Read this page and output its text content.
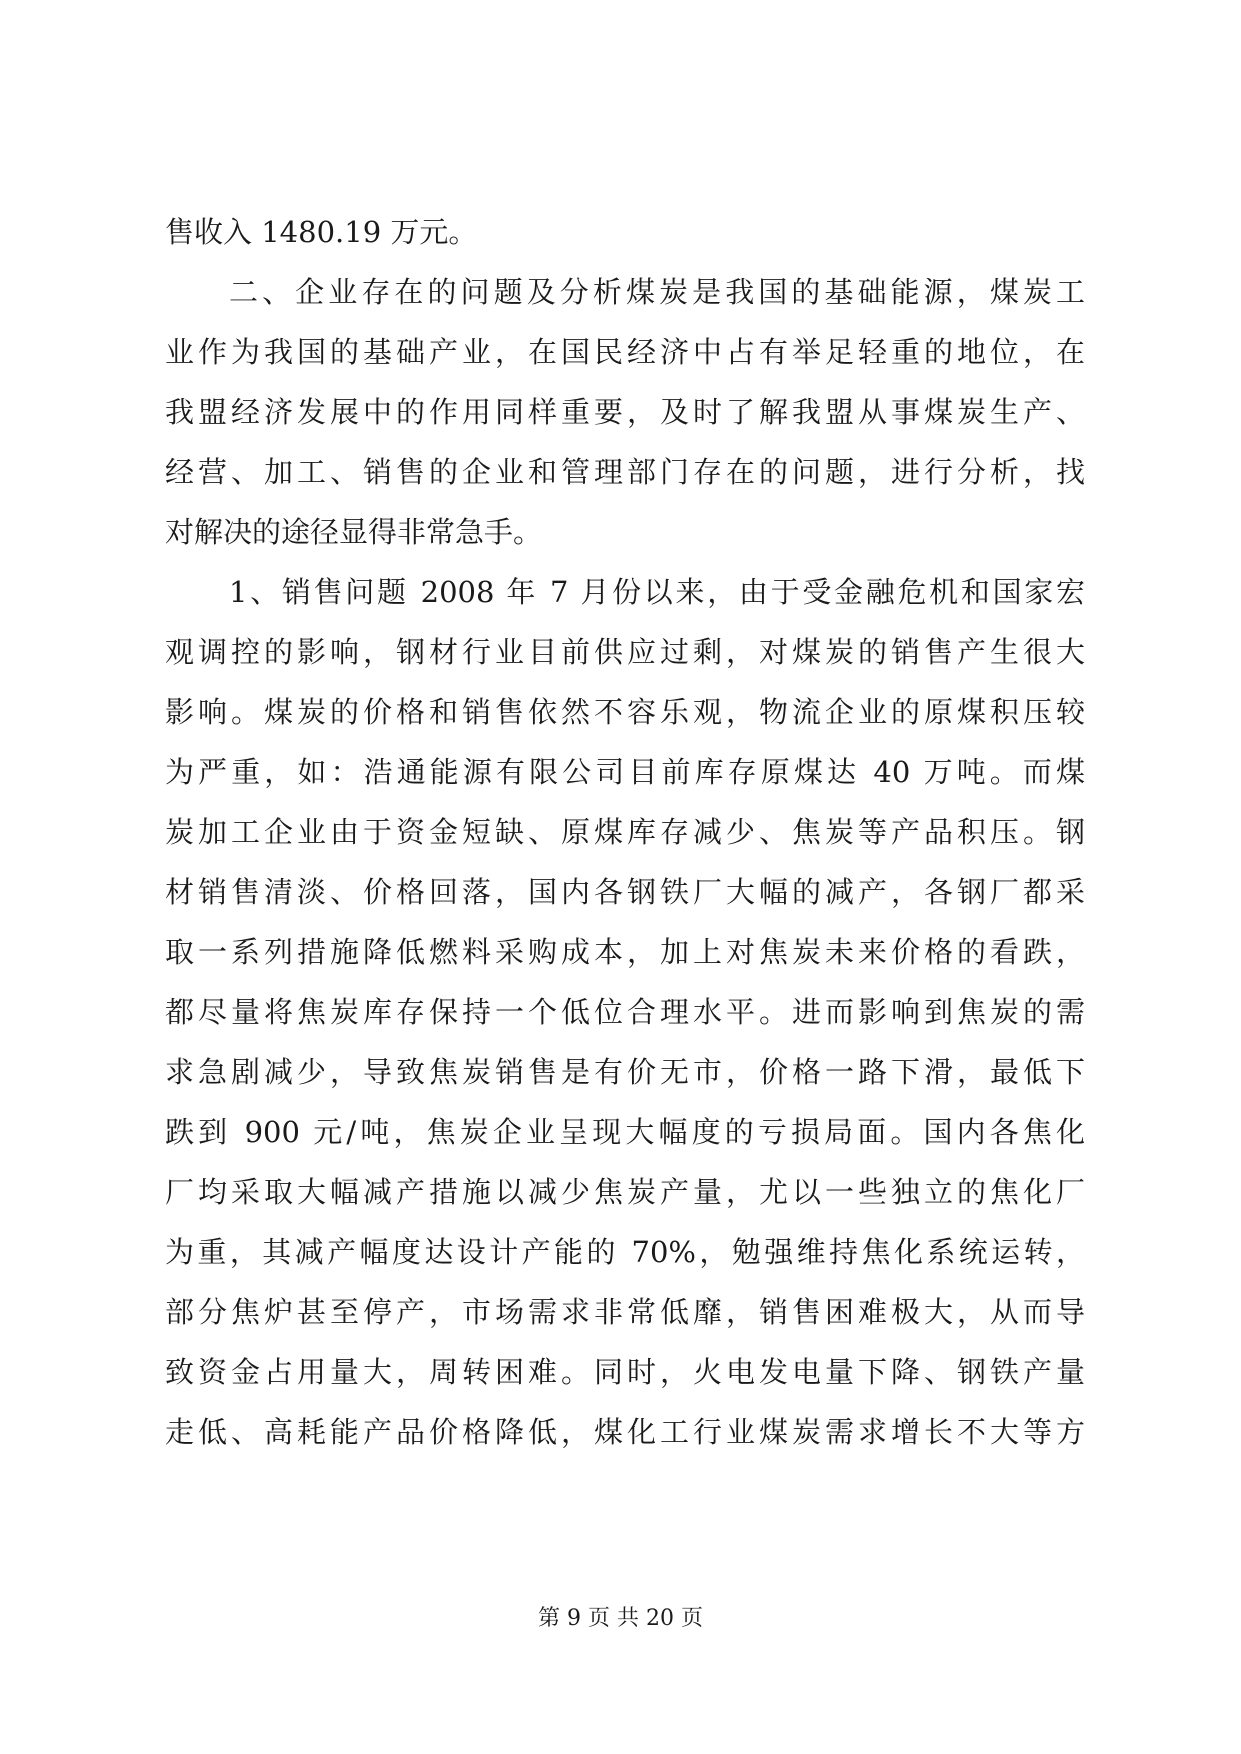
售收入 1480.19 万元。
二、企业存在的问题及分析煤炭是我国的基础能源，煤炭工
业作为我国的基础产业，在国民经济中占有举足轻重的地位，在
我盟经济发展中的作用同样重要，及时了解我盟从事煤炭生产、
经营、加工、销售的企业和管理部门存在的问题，进行分析，找
对解决的途径显得非常急手。
1、销售问题 2008 年 7 月份以来，由于受金融危机和国家宏
观调控的影响，钢材行业目前供应过剩，对煤炭的销售产生很大
影响。煤炭的价格和销售依然不容乐观，物流企业的原煤积压较
为严重，如：浩通能源有限公司目前库存原煤达 40 万吨。而煤
炭加工企业由于资金短缺、原煤库存减少、焦炭等产品积压。钢
材销售清淡、价格回落，国内各钢铁厂大幅的减产，各钢厂都采
取一系列措施降低燃料采购成本，加上对焦炭未来价格的看跌，
都尽量将焦炭库存保持一个低位合理水平。进而影响到焦炭的需
求急剧减少，导致焦炭销售是有价无市，价格一路下滑，最低下
跌到 900 元/吨，焦炭企业呈现大幅度的亏损局面。国内各焦化
厂均采取大幅减产措施以减少焦炭产量，尤以一些独立的焦化厂
为重，其减产幅度达设计产能的 70%，勉强维持焦化系统运转，
部分焦炉甚至停产，市场需求非常低靡，销售困难极大，从而导
致资金占用量大，周转困难。同时，火电发电量下降、钢铁产量
走低、高耗能产品价格降低，煤化工行业煤炭需求增长不大等方
第 9 页 共 20 页
